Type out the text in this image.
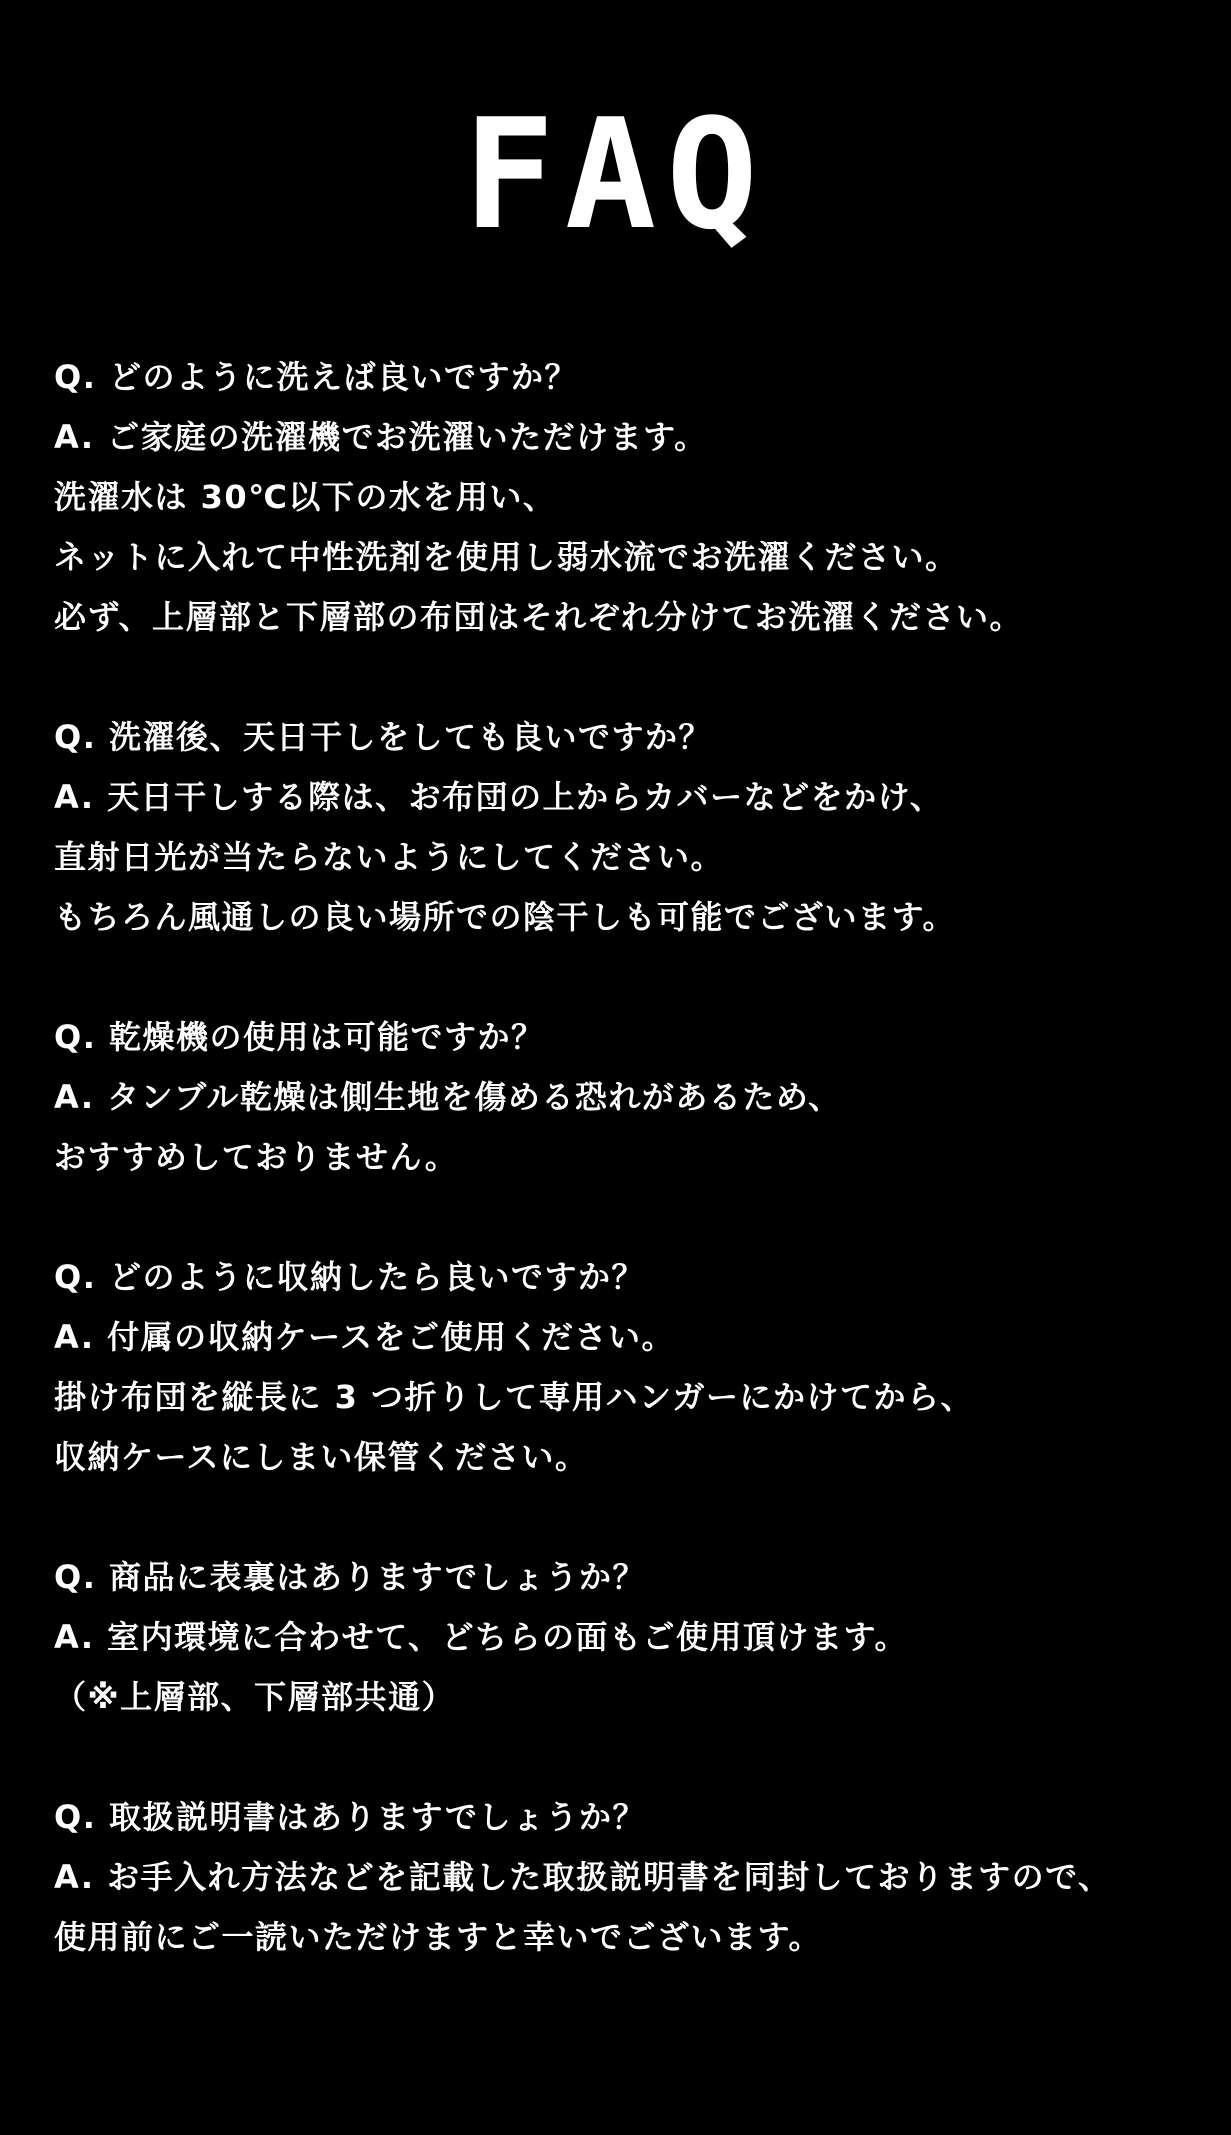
FAQ
Q. どのように洗えば良いですか？
A. ご家庭の洗濯機でお洗濯いただけます。
洗濯水は 30℃以下の水を用い、
ネットに入れて中性洗剤を使用し弱水流でお洗濯ください。
必ず、上層部と下層部の布団はそれぞれ分けてお洗濯ください。
Q. 洗濯後、天日干しをしても良いですか？
A. 天日干しする際は、お布団の上からカバーなどをかけ、
直射日光が当たらないようにしてください。
もちろん風通しの良い場所での陰干しも可能でございます。
Q. 乾燥機の使用は可能ですか？
A. タンブル乾燥は側生地を傷める恐れがあるため、
おすすめしておりません。
Q. どのように収納したら良いですか？
A. 付属の収納ケースをご使用ください。
掛け布団を縦長に 3 つ折りして専用ハンガーにかけてから、
収納ケースにしまい保管ください。
Q. 商品に表裏はありますでしょうか？
A. 室内環境に合わせて、どちらの面もご使用頂けます。
（※上層部、下層部共通）
Q. 取扱説明書はありますでしょうか？
A. お手入れ方法などを記載した取扱説明書を同封しておりますので、
使用前にご一読いただけますと幸いでございます。
